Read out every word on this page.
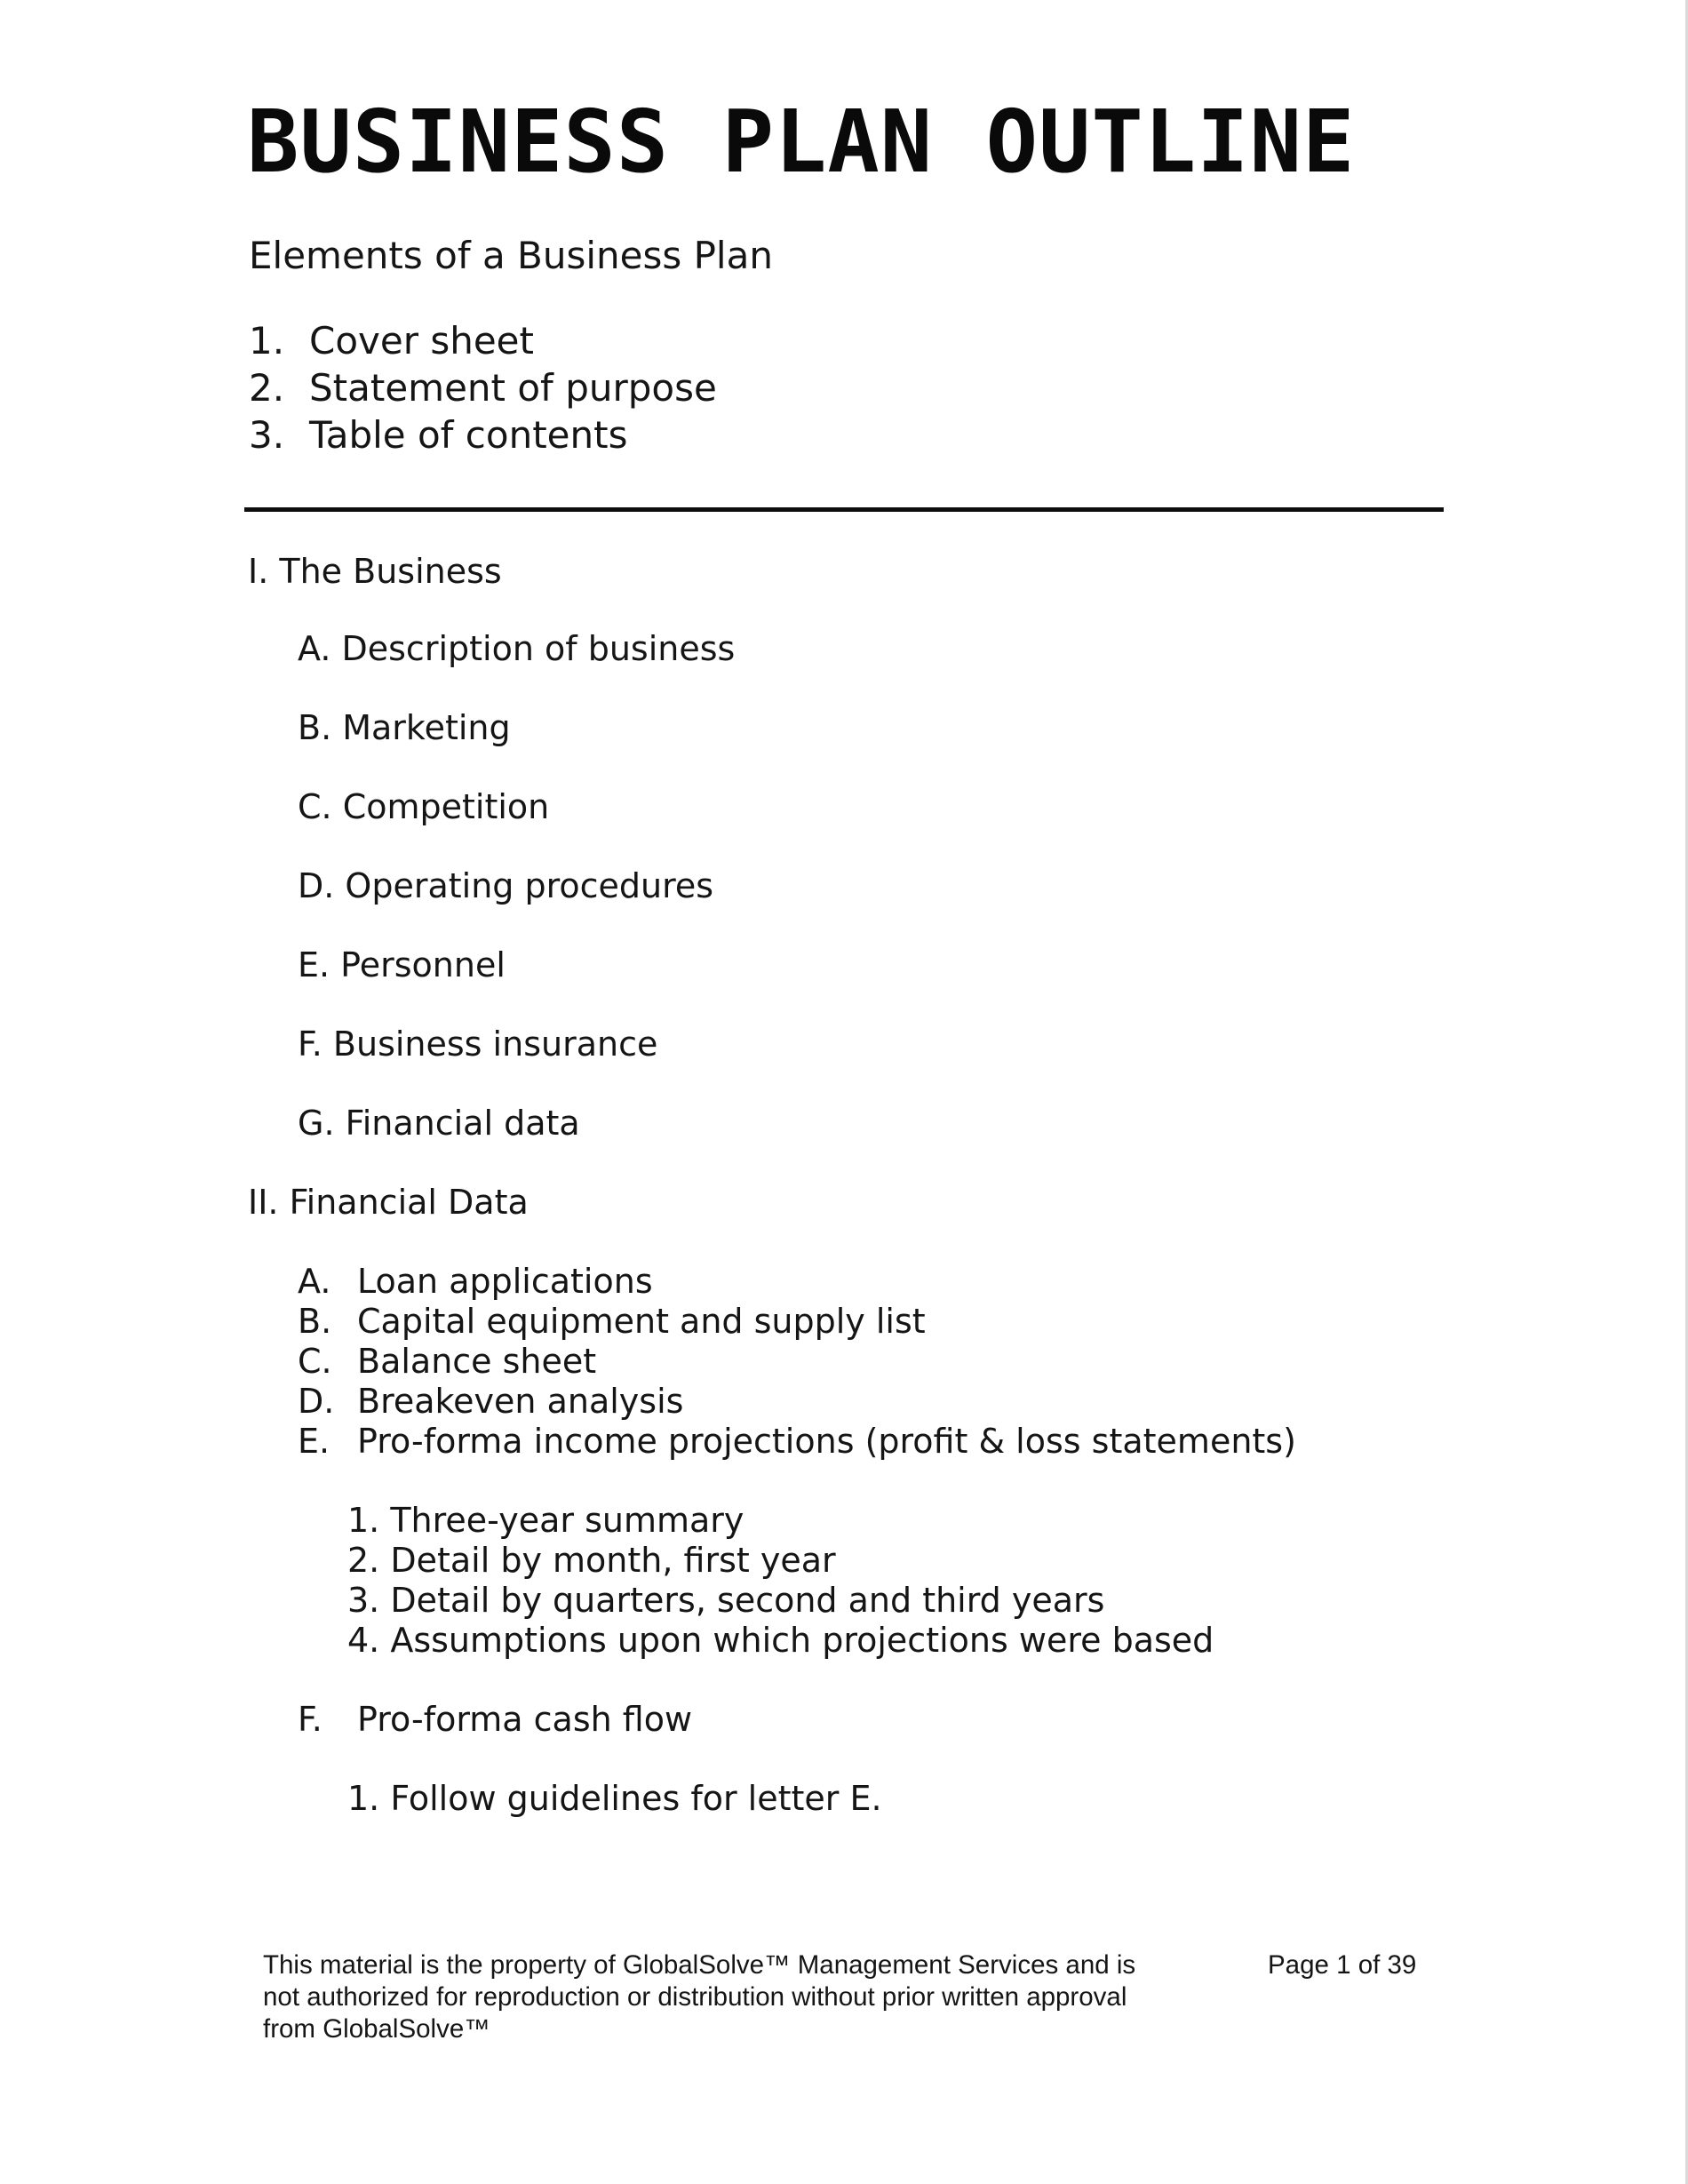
BUSINESS PLAN OUTLINE
Elements of a Business Plan
1. Cover sheet
2. Statement of purpose
3. Table of contents
I. The Business
A. Description of business
B. Marketing
C. Competition
D. Operating procedures
E. Personnel
F. Business insurance
G. Financial data
II. Financial Data
A. Loan applications
B. Capital equipment and supply list
C. Balance sheet
D. Breakeven analysis
E. Pro-forma income projections (profit & loss statements)
1. Three-year summary
2. Detail by month, first year
3. Detail by quarters, second and third years
4. Assumptions upon which projections were based
F. Pro-forma cash flow
1. Follow guidelines for letter E.
This material is the property of GlobalSolve™ Management Services and is
not authorized for reproduction or distribution without prior written approval
from GlobalSolve™
Page 1 of 39
